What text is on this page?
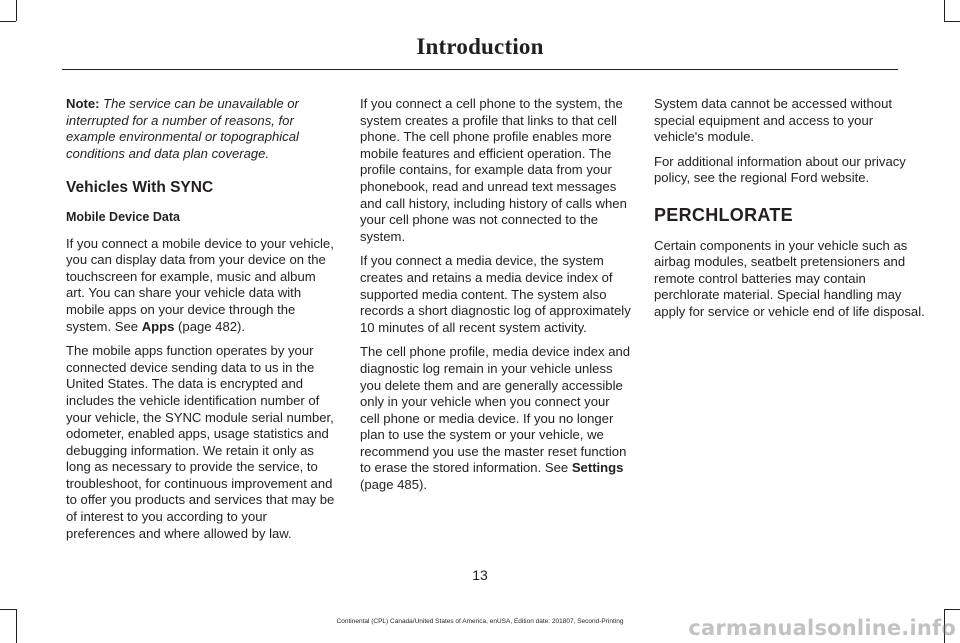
Introduction

Note: The service can be unavailable or interrupted for a number of reasons, for example environmental or topographical conditions and data plan coverage.

Vehicles With SYNC
Mobile Device Data

If you connect a mobile device to your vehicle, you can display data from your device on the touchscreen for example, music and album art. You can share your vehicle data with mobile apps on your device through the system. See Apps (page 482).

The mobile apps function operates by your connected device sending data to us in the United States. The data is encrypted and includes the vehicle identification number of your vehicle, the SYNC module serial number, odometer, enabled apps, usage statistics and debugging information. We retain it only as long as necessary to provide the service, to troubleshoot, for continuous improvement and to offer you products and services that may be of interest to you according to your preferences and where allowed by law.

If you connect a cell phone to the system, the system creates a profile that links to that cell phone. The cell phone profile enables more mobile features and efficient operation. The profile contains, for example data from your phonebook, read and unread text messages and call history, including history of calls when your cell phone was not connected to the system.

If you connect a media device, the system creates and retains a media device index of supported media content. The system also records a short diagnostic log of approximately 10 minutes of all recent system activity.

The cell phone profile, media device index and diagnostic log remain in your vehicle unless you delete them and are generally accessible only in your vehicle when you connect your cell phone or media device. If you no longer plan to use the system or your vehicle, we recommend you use the master reset function to erase the stored information. See Settings (page 485).

System data cannot be accessed without special equipment and access to your vehicle's module.

For additional information about our privacy policy, see the regional Ford website.

PERCHLORATE

Certain components in your vehicle such as airbag modules, seatbelt pretensioners and remote control batteries may contain perchlorate material. Special handling may apply for service or vehicle end of life disposal.

13
Continental (CPL) Canada/United States of America, enUSA, Edition date: 201807, Second-Printing	carmanualsonline.info
